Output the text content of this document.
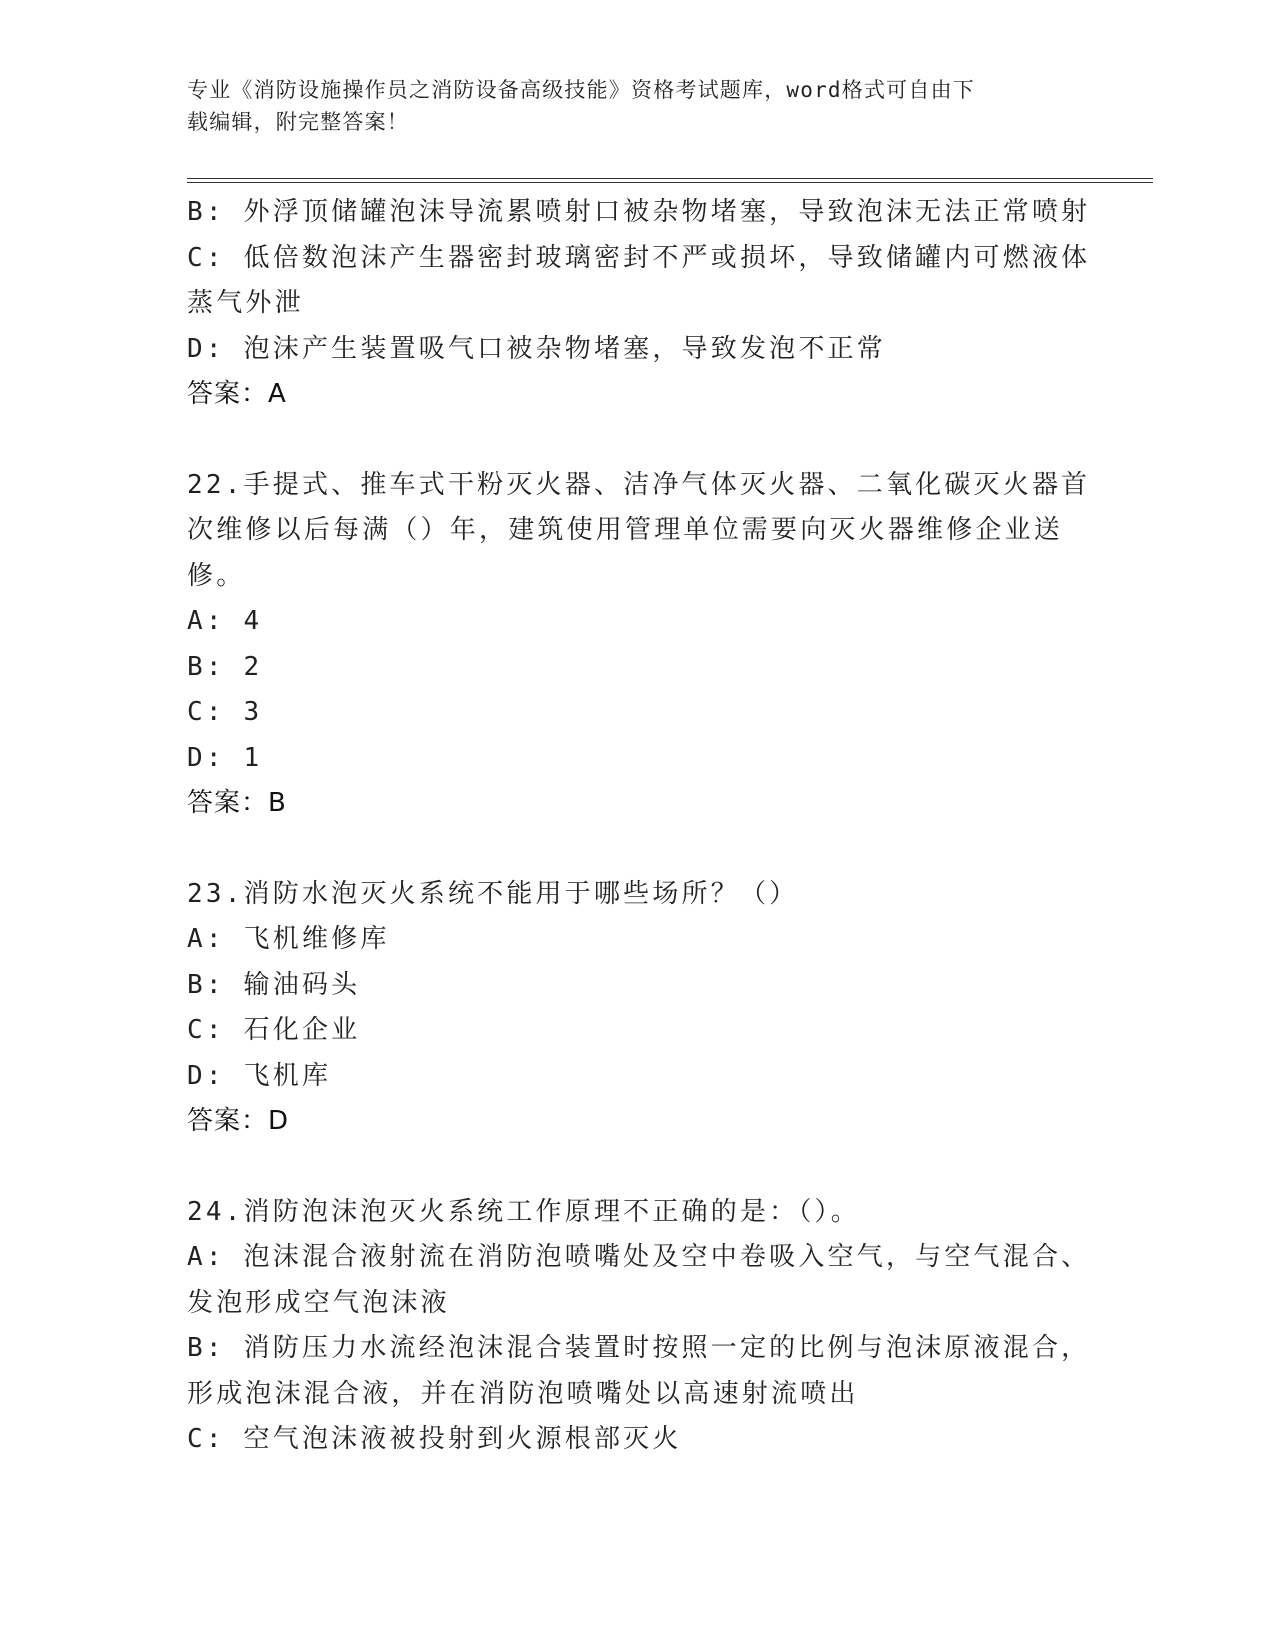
专业《消防设施操作员之消防设备高级技能》资格考试题库，word格式可自由下
载编辑，附完整答案！
B: 外浮顶储罐泡沫导流累喷射口被杂物堵塞，导致泡沫无法正常喷射
C: 低倍数泡沫产生器密封玻璃密封不严或损坏，导致储罐内可燃液体
蒸气外泄
D: 泡沫产生装置吸气口被杂物堵塞，导致发泡不正常
答案：A
22.手提式、推车式干粉灭火器、洁净气体灭火器、二氧化碳灭火器首
次维修以后每满（）年，建筑使用管理单位需要向灭火器维修企业送
修。
A: 4
B: 2
C: 3
D: 1
答案：B
23.消防水泡灭火系统不能用于哪些场所？（）
A: 飞机维修库
B: 输油码头
C: 石化企业
D: 飞机库
答案：D
24.消防泡沫泡灭火系统工作原理不正确的是：（）。
A: 泡沫混合液射流在消防泡喷嘴处及空中卷吸入空气，与空气混合、
发泡形成空气泡沫液
B: 消防压力水流经泡沫混合装置时按照一定的比例与泡沫原液混合，
形成泡沫混合液，并在消防泡喷嘴处以高速射流喷出
C: 空气泡沫液被投射到火源根部灭火
